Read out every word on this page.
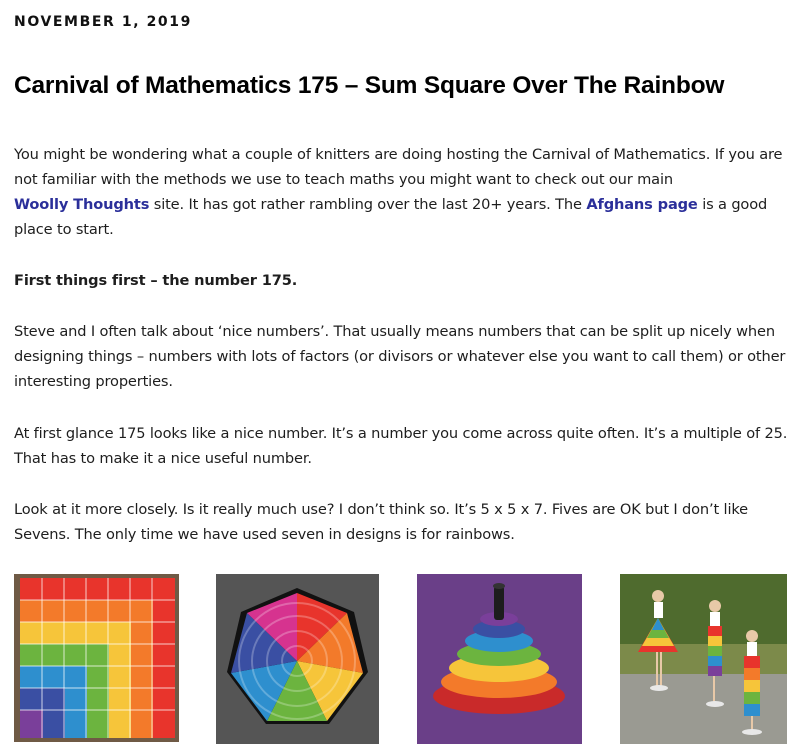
NOVEMBER 1, 2019
Carnival of Mathematics 175 – Sum Square Over The Rainbow

You might be wondering what a couple of knitters are doing hosting the Carnival of Mathematics. If you are not familiar with the methods we use to teach maths you might want to check out our main
Woolly Thoughts site. It has got rather rambling over the last 20+ years. The Afghans page is a good place to start.

First things first – the number 175.

Steve and I often talk about ‘nice numbers’. That usually means numbers that can be split up nicely when designing things – numbers with lots of factors (or divisors or whatever else you want to call them) or other interesting properties.

At first glance 175 looks like a nice number. It’s a number you come across quite often. It’s a multiple of 25. That has to make it a nice useful number.

Look at it more closely. Is it really much use? I don’t think so. It’s 5 x 5 x 7. Fives are OK but I don’t like Sevens. The only time we have used seven in designs is for rainbows.
